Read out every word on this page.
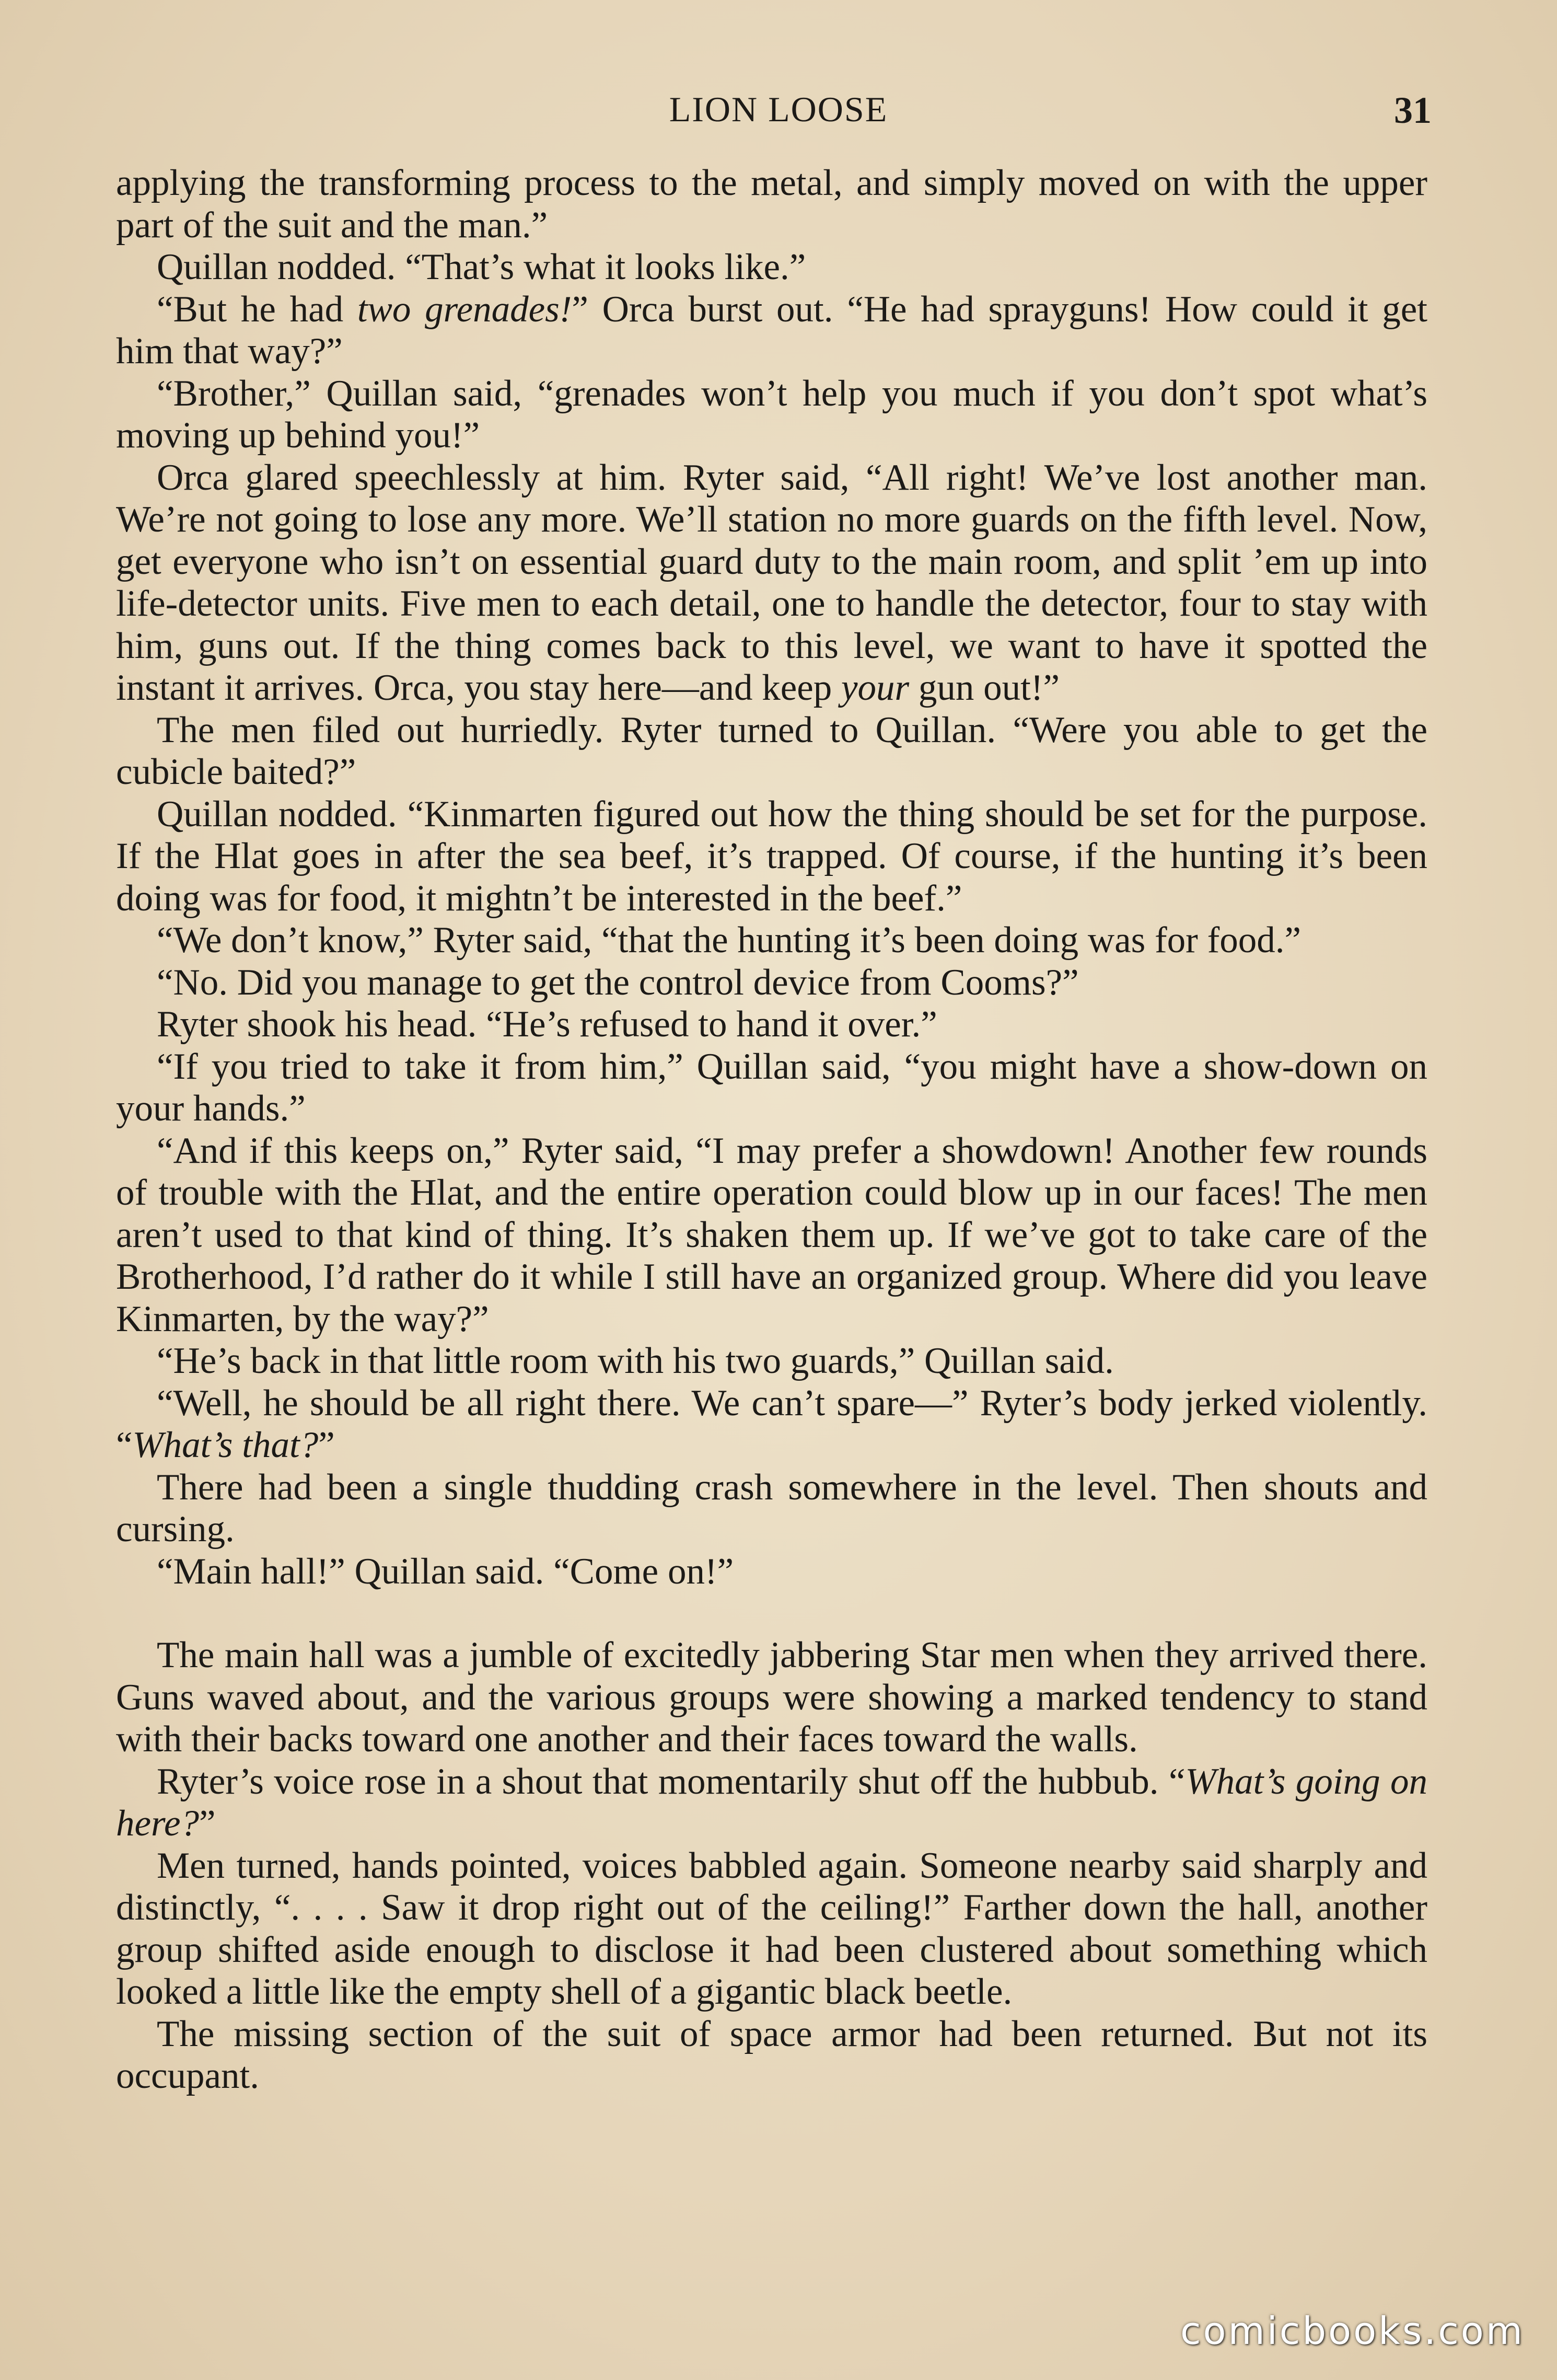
LION LOOSE	31

applying the transforming process to the metal, and simply moved on with the upper part of the suit and the man.”

Quillan nodded. “That’s what it looks like.”

“But he had two grenades!” Orca burst out. “He had sprayguns! How could it get him that way?”

“Brother,” Quillan said, “grenades won’t help you much if you don’t spot what’s moving up behind you!”

Orca glared speechlessly at him. Ryter said, “All right! We’ve lost another man. We’re not going to lose any more. We’ll station no more guards on the fifth level. Now, get everyone who isn’t on essential guard duty to the main room, and split ’em up into life-detector units. Five men to each detail, one to handle the detector, four to stay with him, guns out. If the thing comes back to this level, we want to have it spotted the instant it arrives. Orca, you stay here—and keep your gun out!”

The men filed out hurriedly. Ryter turned to Quillan. “Were you able to get the cubicle baited?”

Quillan nodded. “Kinmarten figured out how the thing should be set for the purpose. If the Hlat goes in after the sea beef, it’s trapped. Of course, if the hunting it’s been doing was for food, it mightn’t be interested in the beef.”

“We don’t know,” Ryter said, “that the hunting it’s been doing was for food.”

“No. Did you manage to get the control device from Cooms?”

Ryter shook his head. “He’s refused to hand it over.”

“If you tried to take it from him,” Quillan said, “you might have a show-down on your hands.”

“And if this keeps on,” Ryter said, “I may prefer a showdown! Another few rounds of trouble with the Hlat, and the entire operation could blow up in our faces! The men aren’t used to that kind of thing. It’s shaken them up. If we’ve got to take care of the Brotherhood, I’d rather do it while I still have an organized group. Where did you leave Kinmarten, by the way?”

“He’s back in that little room with his two guards,” Quillan said.

“Well, he should be all right there. We can’t spare—” Ryter’s body jerked violently. “What’s that?”

There had been a single thudding crash somewhere in the level. Then shouts and cursing.

“Main hall!” Quillan said. “Come on!”

The main hall was a jumble of excitedly jabbering Star men when they arrived there. Guns waved about, and the various groups were showing a marked tendency to stand with their backs toward one another and their faces toward the walls.

Ryter’s voice rose in a shout that momentarily shut off the hubbub. “What’s going on here?”

Men turned, hands pointed, voices babbled again. Someone nearby said sharply and distinctly, “. . . . Saw it drop right out of the ceiling!” Farther down the hall, another group shifted aside enough to disclose it had been clustered about something which looked a little like the empty shell of a gigantic black beetle.

The missing section of the suit of space armor had been returned. But not its occupant.

comicbooks.com
